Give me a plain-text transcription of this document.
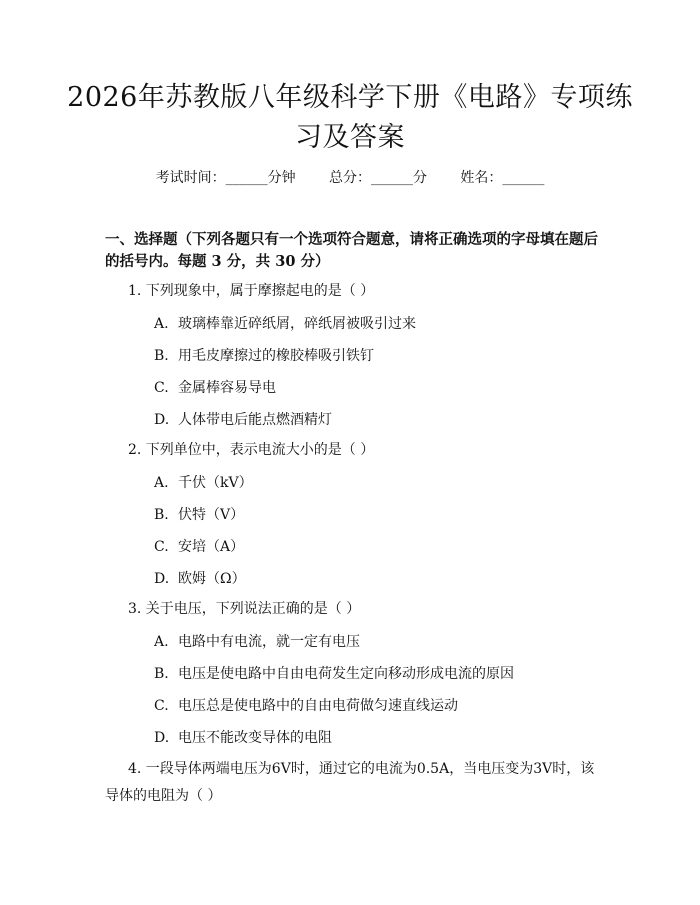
2026年苏教版八年级科学下册《电路》专项练习及答案
考试时间：______分钟 总分：______分 姓名：______
一、选择题（下列各题只有一个选项符合题意，请将正确选项的字母填在题后的括号内。每题 3 分，共 30 分）
1. 下列现象中，属于摩擦起电的是（ ）
A. 玻璃棒靠近碎纸屑，碎纸屑被吸引过来
B. 用毛皮摩擦过的橡胶棒吸引铁钉
C. 金属棒容易导电
D. 人体带电后能点燃酒精灯
2. 下列单位中，表示电流大小的是（ ）
A. 千伏（kV）
B. 伏特（V）
C. 安培（A）
D. 欧姆（Ω）
3. 关于电压，下列说法正确的是（ ）
A. 电路中有电流，就一定有电压
B. 电压是使电路中自由电荷发生定向移动形成电流的原因
C. 电压总是使电路中的自由电荷做匀速直线运动
D. 电压不能改变导体的电阻
4. 一段导体两端电压为6V时，通过它的电流为0.5A，当电压变为3V时，该导体的电阻为（ ）
